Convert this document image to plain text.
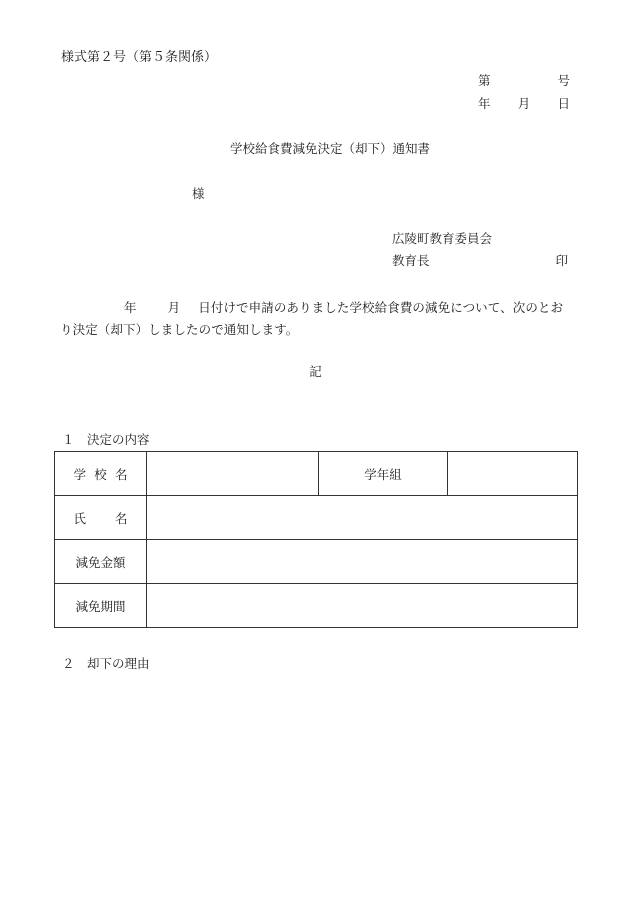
様式第２号（第５条関係）
第	号
年 月 日
学校給食費減免決定（却下）通知書
様
広陵町教育委員会
教育長	印
年 月 日付けで申請のありました学校給食費の減免について、次のとおり決定（却下）しましたので通知します。
記
１　決定の内容
学 校 名		学年組	

氏 名			

減免金額			
減免期間			
２　却下の理由
